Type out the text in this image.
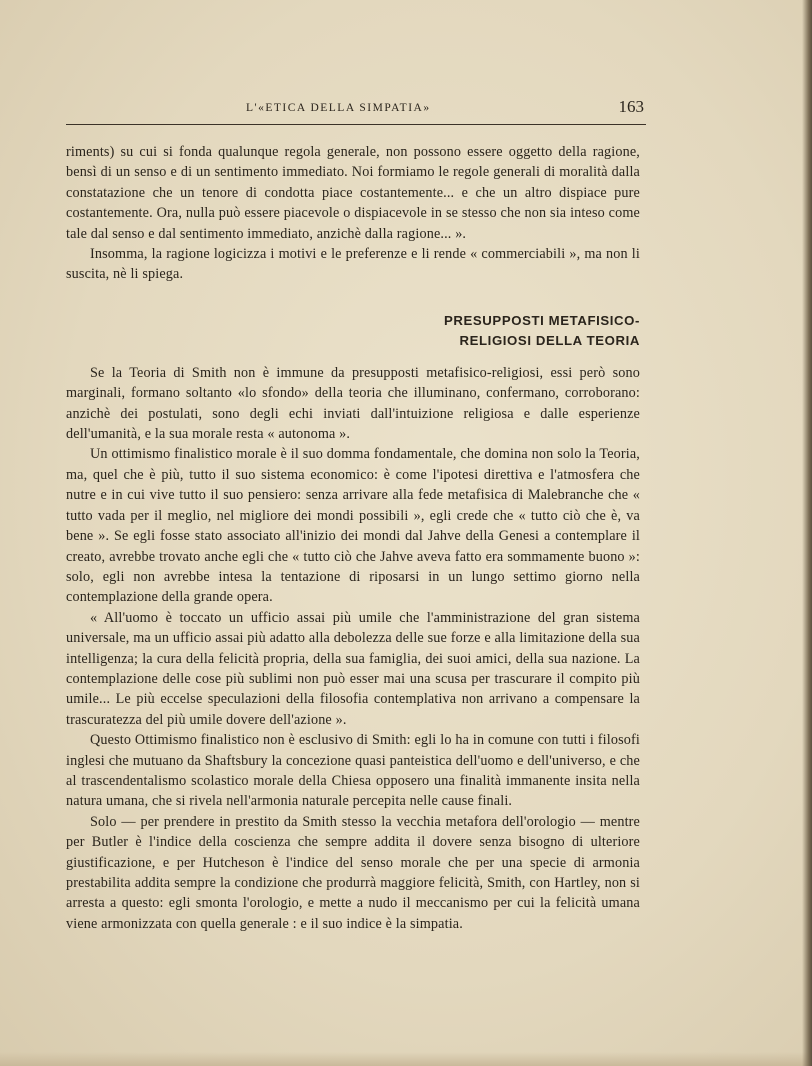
L'«ETICA DELLA SIMPATIA»	163

riments) su cui si fonda qualunque regola generale, non possono essere oggetto della ragione, bensì di un senso e di un sentimento immediato. Noi formiamo le regole generali di moralità dalla constatazione che un tenore di condotta piace costantemente... e che un altro dispiace pure costantemente. Ora, nulla può essere piacevole o dispiacevole in se stesso che non sia inteso come tale dal senso e dal sentimento immediato, anzichè dalla ragione... ».

Insomma, la ragione logicizza i motivi e le preferenze e li rende « commerciabili », ma non li suscita, nè li spiega.

PRESUPPOSTI METAFISICO-
RELIGIOSI DELLA TEORIA

Se la Teoria di Smith non è immune da presupposti metafisico-religiosi, essi però sono marginali, formano soltanto «lo sfondo» della teoria che illuminano, confermano, corroborano: anzichè dei postulati, sono degli echi inviati dall'intuizione religiosa e dalle esperienze dell'umanità, e la sua morale resta « autonoma ».

Un ottimismo finalistico morale è il suo domma fondamentale, che domina non solo la Teoria, ma, quel che è più, tutto il suo sistema economico: è come l'ipotesi direttiva e l'atmosfera che nutre e in cui vive tutto il suo pensiero: senza arrivare alla fede metafisica di Malebranche che « tutto vada per il meglio, nel migliore dei mondi possibili », egli crede che « tutto ciò che è, va bene ». Se egli fosse stato associato all'inizio dei mondi dal Jahve della Genesi a contemplare il creato, avrebbe trovato anche egli che « tutto ciò che Jahve aveva fatto era sommamente buono »: solo, egli non avrebbe intesa la tentazione di riposarsi in un lungo settimo giorno nella contemplazione della grande opera.

« All'uomo è toccato un ufficio assai più umile che l'amministrazione del gran sistema universale, ma un ufficio assai più adatto alla debolezza delle sue forze e alla limitazione della sua intelligenza; la cura della felicità propria, della sua famiglia, dei suoi amici, della sua nazione. La contemplazione delle cose più sublimi non può esser mai una scusa per trascurare il compito più umile... Le più eccelse speculazioni della filosofia contemplativa non arrivano a compensare la trascuratezza del più umile dovere dell'azione ».

Questo Ottimismo finalistico non è esclusivo di Smith: egli lo ha in comune con tutti i filosofi inglesi che mutuano da Shaftsbury la concezione quasi panteistica dell'uomo e dell'universo, e che al trascendentalismo scolastico morale della Chiesa opposero una finalità immanente insita nella natura umana, che si rivela nell'armonia naturale percepita nelle cause finali.

Solo — per prendere in prestito da Smith stesso la vecchia metafora dell'orologio — mentre per Butler è l'indice della coscienza che sempre addita il dovere senza bisogno di ulteriore giustificazione, e per Hutcheson è l'indice del senso morale che per una specie di armonia prestabilita addita sempre la condizione che produrrà maggiore felicità, Smith, con Hartley, non si arresta a questo: egli smonta l'orologio, e mette a nudo il meccanismo per cui la felicità umana viene armonizzata con quella generale : e il suo indice è la simpatia.
